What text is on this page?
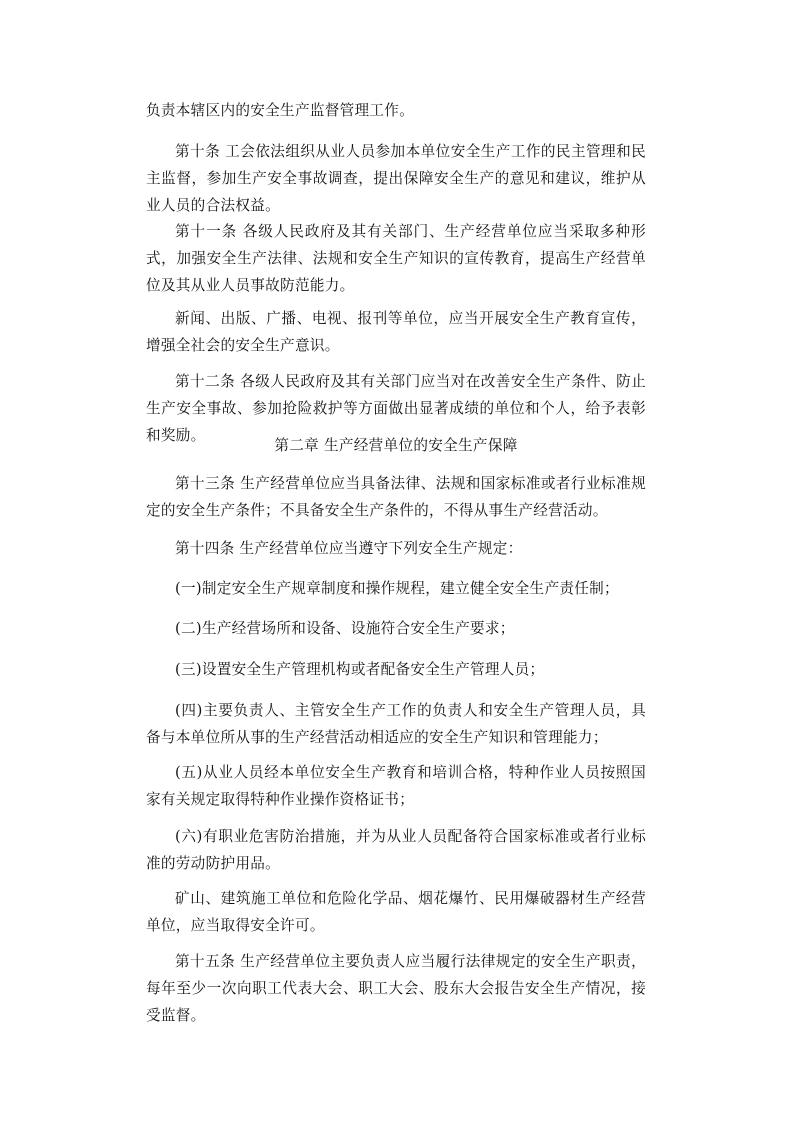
负责本辖区内的安全生产监督管理工作。

第十条 工会依法组织从业人员参加本单位安全生产工作的民主管理和民主监督，参加生产安全事故调查，提出保障安全生产的意见和建议，维护从业人员的合法权益。

第十一条 各级人民政府及其有关部门、生产经营单位应当采取多种形式，加强安全生产法律、法规和安全生产知识的宣传教育，提高生产经营单位及其从业人员事故防范能力。

新闻、出版、广播、电视、报刊等单位，应当开展安全生产教育宣传，增强全社会的安全生产意识。

第十二条 各级人民政府及其有关部门应当对在改善安全生产条件、防止生产安全事故、参加抢险救护等方面做出显著成绩的单位和个人，给予表彰和奖励。

第二章 生产经营单位的安全生产保障

第十三条 生产经营单位应当具备法律、法规和国家标准或者行业标准规定的安全生产条件；不具备安全生产条件的，不得从事生产经营活动。

第十四条 生产经营单位应当遵守下列安全生产规定：

(一)制定安全生产规章制度和操作规程，建立健全安全生产责任制；

(二)生产经营场所和设备、设施符合安全生产要求；

(三)设置安全生产管理机构或者配备安全生产管理人员；

(四)主要负责人、主管安全生产工作的负责人和安全生产管理人员，具备与本单位所从事的生产经营活动相适应的安全生产知识和管理能力；

(五)从业人员经本单位安全生产教育和培训合格，特种作业人员按照国家有关规定取得特种作业操作资格证书；

(六)有职业危害防治措施，并为从业人员配备符合国家标准或者行业标准的劳动防护用品。

矿山、建筑施工单位和危险化学品、烟花爆竹、民用爆破器材生产经营单位，应当取得安全许可。

第十五条 生产经营单位主要负责人应当履行法律规定的安全生产职责，每年至少一次向职工代表大会、职工大会、股东大会报告安全生产情况，接受监督。
